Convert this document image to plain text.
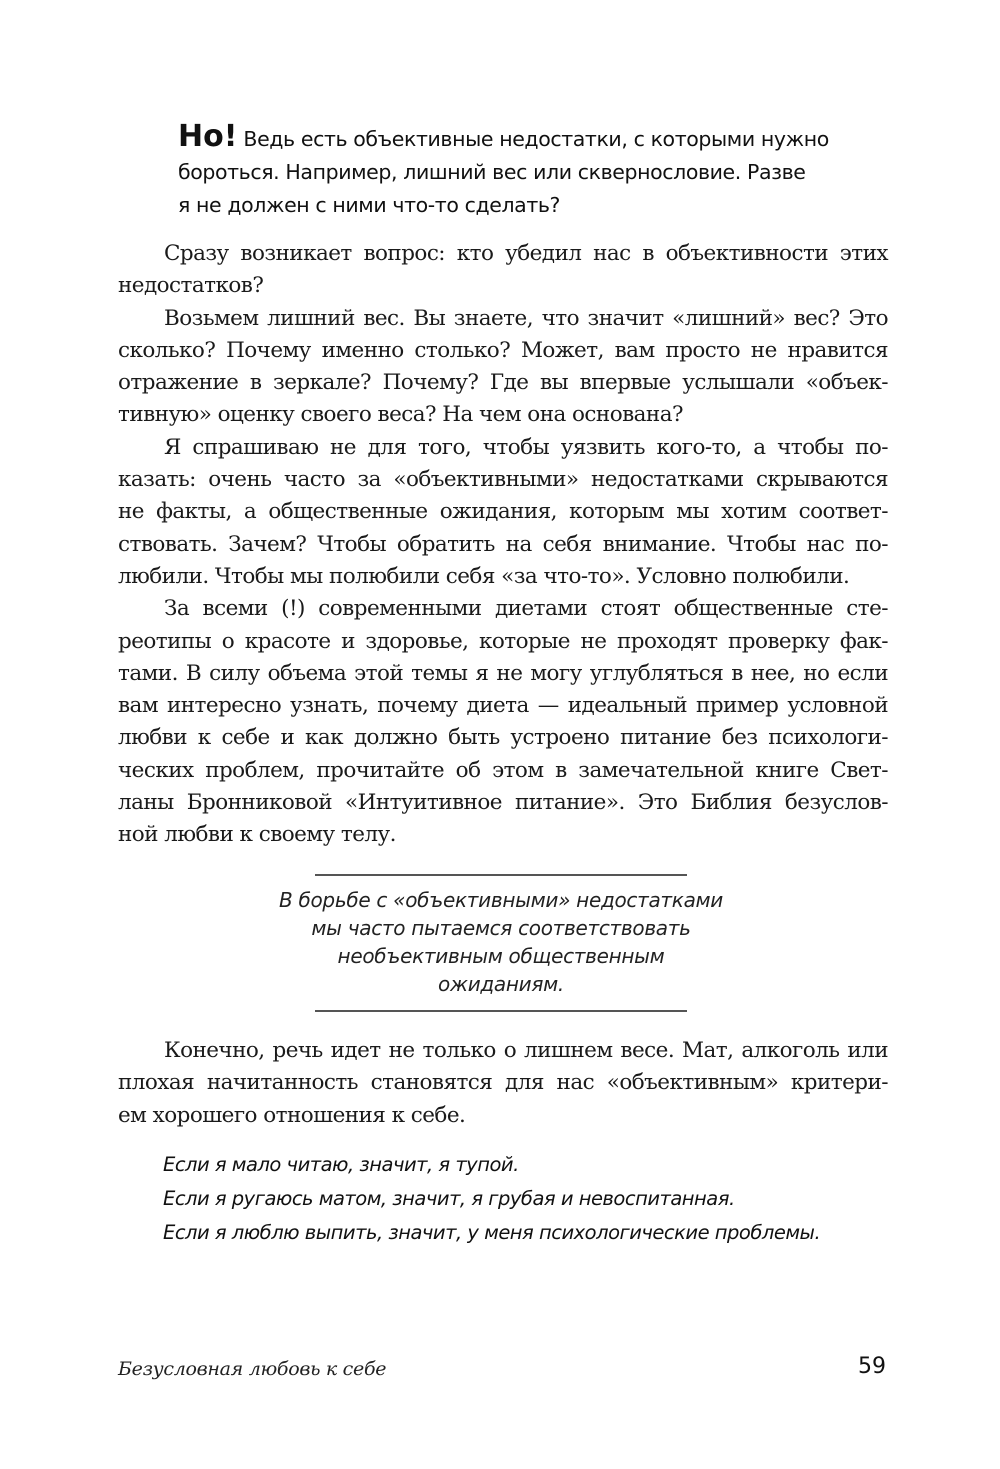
Но! Ведь есть объективные недостатки, с которыми нужно
бороться. Например, лишний вес или сквернословие. Разве
я не должен с ними что-то сделать?
Сразу возникает вопрос: кто убедил нас в объективности этих
недостатков?
Возьмем лишний вес. Вы знаете, что значит «лишний» вес? Это
сколько? Почему именно столько? Может, вам просто не нравится
отражение в зеркале? Почему? Где вы впервые услышали «объек-
тивную» оценку своего веса? На чем она основана?
Я спрашиваю не для того, чтобы уязвить кого-то, а чтобы по-
казать: очень часто за «объективными» недостатками скрываются
не факты, а общественные ожидания, которым мы хотим соответ-
ствовать. Зачем? Чтобы обратить на себя внимание. Чтобы нас по-
любили. Чтобы мы полюбили себя «за что-то». Условно полюбили.
За всеми (!) современными диетами стоят общественные сте-
реотипы о красоте и здоровье, которые не проходят проверку фак-
тами. В силу объема этой темы я не могу углубляться в нее, но если
вам интересно узнать, почему диета — идеальный пример условной
любви к себе и как должно быть устроено питание без психологи-
ческих проблем, прочитайте об этом в замечательной книге Свет-
ланы Бронниковой «Интуитивное питание». Это Библия безуслов-
ной любви к своему телу.
В борьбе с «объективными» недостатками
мы часто пытаемся соответствовать
необъективным общественным
ожиданиям.
Конечно, речь идет не только о лишнем весе. Мат, алкоголь или
плохая начитанность становятся для нас «объективным» критери-
ем хорошего отношения к себе.
Если я мало читаю, значит, я тупой.
Если я ругаюсь матом, значит, я грубая и невоспитанная.
Если я люблю выпить, значит, у меня психологические проблемы.
Безусловная любовь к себе	59
